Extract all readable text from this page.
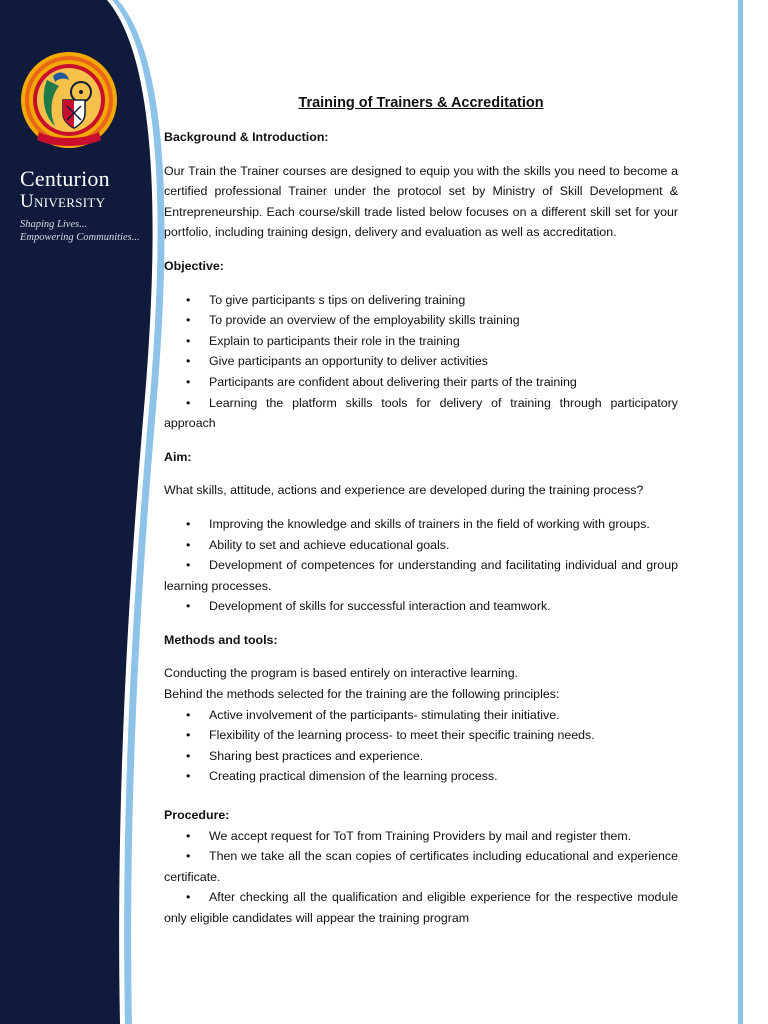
Centurion
University
Shaping Lives...
Empowering Communities...
Training of Trainers & Accreditation

Background & Introduction:

Our Train the Trainer courses are designed to equip you with the skills you need to become a certified professional Trainer under the protocol set by Ministry of Skill Development & Entrepreneurship. Each course/skill trade listed below focuses on a different skill set for your portfolio, including training design, delivery and evaluation as well as accreditation.

Objective:

• To give participants s tips on delivering training
• To provide an overview of the employability skills training
• Explain to participants their role in the training
• Give participants an opportunity to deliver activities
• Participants are confident about delivering their parts of the training
• Learning the platform skills tools for delivery of training through participatory approach

Aim:

What skills, attitude, actions and experience are developed during the training process?

• Improving the knowledge and skills of trainers in the field of working with groups.
• Ability to set and achieve educational goals.
• Development of competences for understanding and facilitating individual and group learning processes.
• Development of skills for successful interaction and teamwork.

Methods and tools:

Conducting the program is based entirely on interactive learning.

Behind the methods selected for the training are the following principles:

• Active involvement of the participants- stimulating their initiative.
• Flexibility of the learning process- to meet their specific training needs.
• Sharing best practices and experience.
• Creating practical dimension of the learning process.

Procedure:

• We accept request for ToT from Training Providers by mail and register them.
• Then we take all the scan copies of certificates including educational and experience certificate.
• After checking all the qualification and eligible experience for the respective module only eligible candidates will appear the training program
